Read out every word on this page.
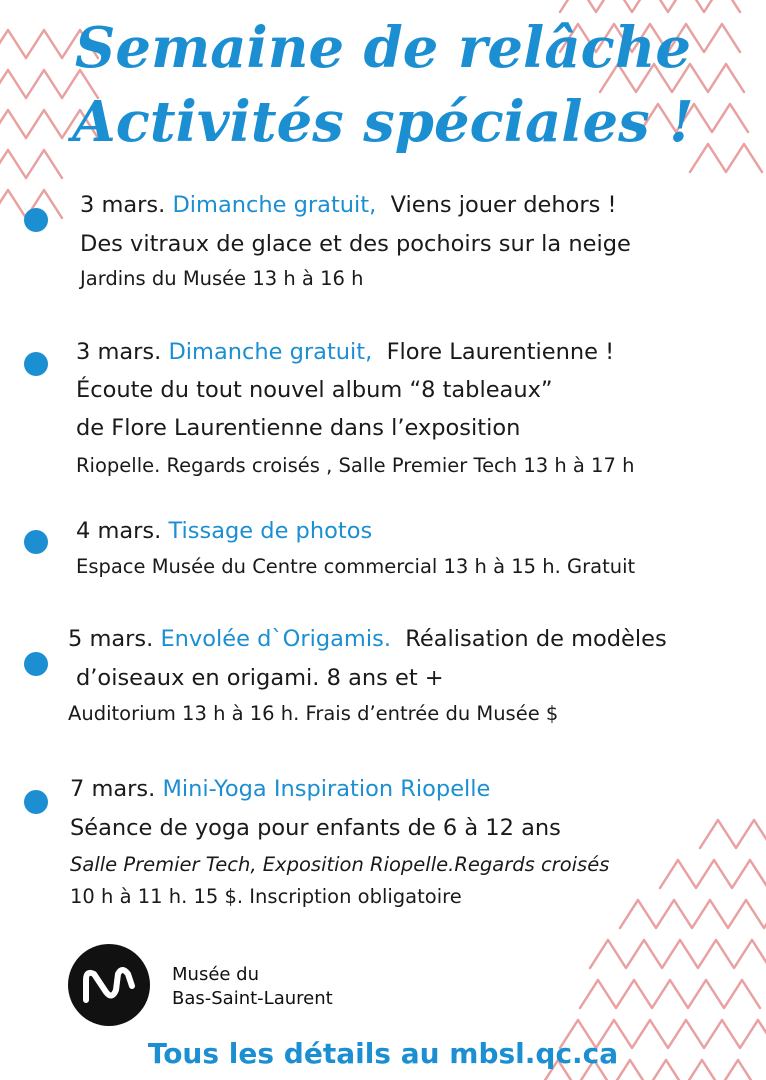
Semaine de relâche
Activités spéciales !
3 mars. Dimanche gratuit, Viens jouer dehors !
Des vitraux de glace et des pochoirs sur la neige
Jardins du Musée 13 h à 16 h
3 mars. Dimanche gratuit, Flore Laurentienne !
Écoute du tout nouvel album “8 tableaux”
de Flore Laurentienne dans l’exposition
Riopelle. Regards croisés , Salle Premier Tech 13 h à 17 h
4 mars. Tissage de photos
Espace Musée du Centre commercial 13 h à 15 h. Gratuit
5 mars. Envolée d`Origamis. Réalisation de modèles
d’oiseaux en origami. 8 ans et +
Auditorium 13 h à 16 h. Frais d’entrée du Musée $
7 mars. Mini-Yoga Inspiration Riopelle
Séance de yoga pour enfants de 6 à 12 ans
Salle Premier Tech, Exposition Riopelle.Regards croisés
10 h à 11 h. 15 $. Inscription obligatoire
Musée du
Bas-Saint-Laurent
Tous les détails au mbsl.qc.ca
